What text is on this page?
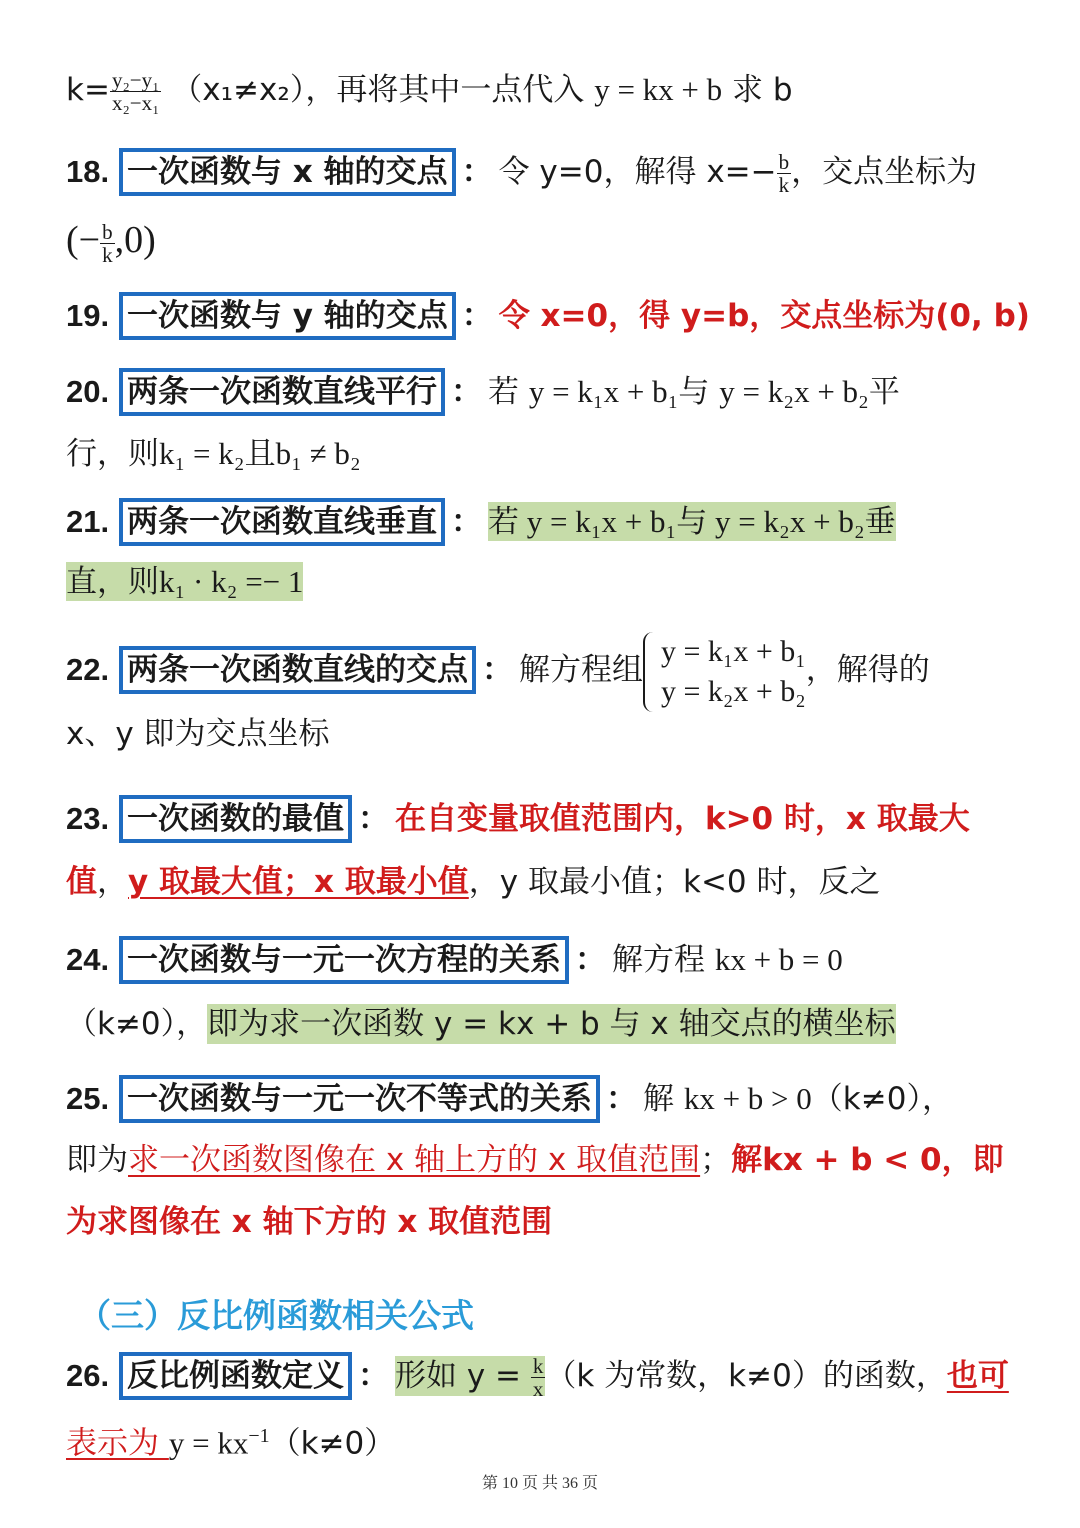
$k= \frac{\text{y₂−y₁}}{\text{x₂−x₁}} (x_1\ne x_2)$，再将其中一点代入 y = kx + b 求 b
18. 一次函数与 x 轴的交点 ： 令 y=0，解得 $x=- \frac{b}{k}$ ，交点坐标为
(− $\frac{b}{k} ,0$)
19. 一次函数与 y 轴的交点 ： 令 x=0，得 y=b，交点坐标为(0, b)
20. 两条一次函数直线平行 ： 若 y = k₁x + b₁与 y = k₂x + b₂平
行，则k₁ = k₂且b₁ ≠ b₂
21. 两条一次函数直线垂直 ： 若 y = k₁x + b₁与 y = k₂x + b₂垂
直，则k₁ · k₂ =− 1
22. 两条一次函数直线的交点 ： 解方程组
y = k₁x + b₁
y = k₂x + b₂
，解得的
x、y 即为交点坐标
23. 一次函数的最值 ： 在自变量取值范围内，k>0 时，x 取最大
值，y 取最大值；x 取最小值，y 取最小值；k<0 时，反之
24. 一次函数与一元一次方程的关系 ： 解方程 kx + b = 0
（k≠0），即为求一次函数 y = kx + b 与 x 轴交点的横坐标
25. 一次函数与一元一次不等式的关系 ： 解 kx + b > 0（k≠0），
即为求一次函数图像在 x 轴上方的 x 取值范围；解kx + b < 0，即
为求图像在 x 轴下方的 x 取值范围
（三）反比例函数相关公式
26. 反比例函数定义 ： 形如 $y = \frac{k}{x} (k$ 为常数，k≠0）的函数，也可
表示为 $y = kx^{-1}(k\ne 0)$
第 10 页 共 36 页
